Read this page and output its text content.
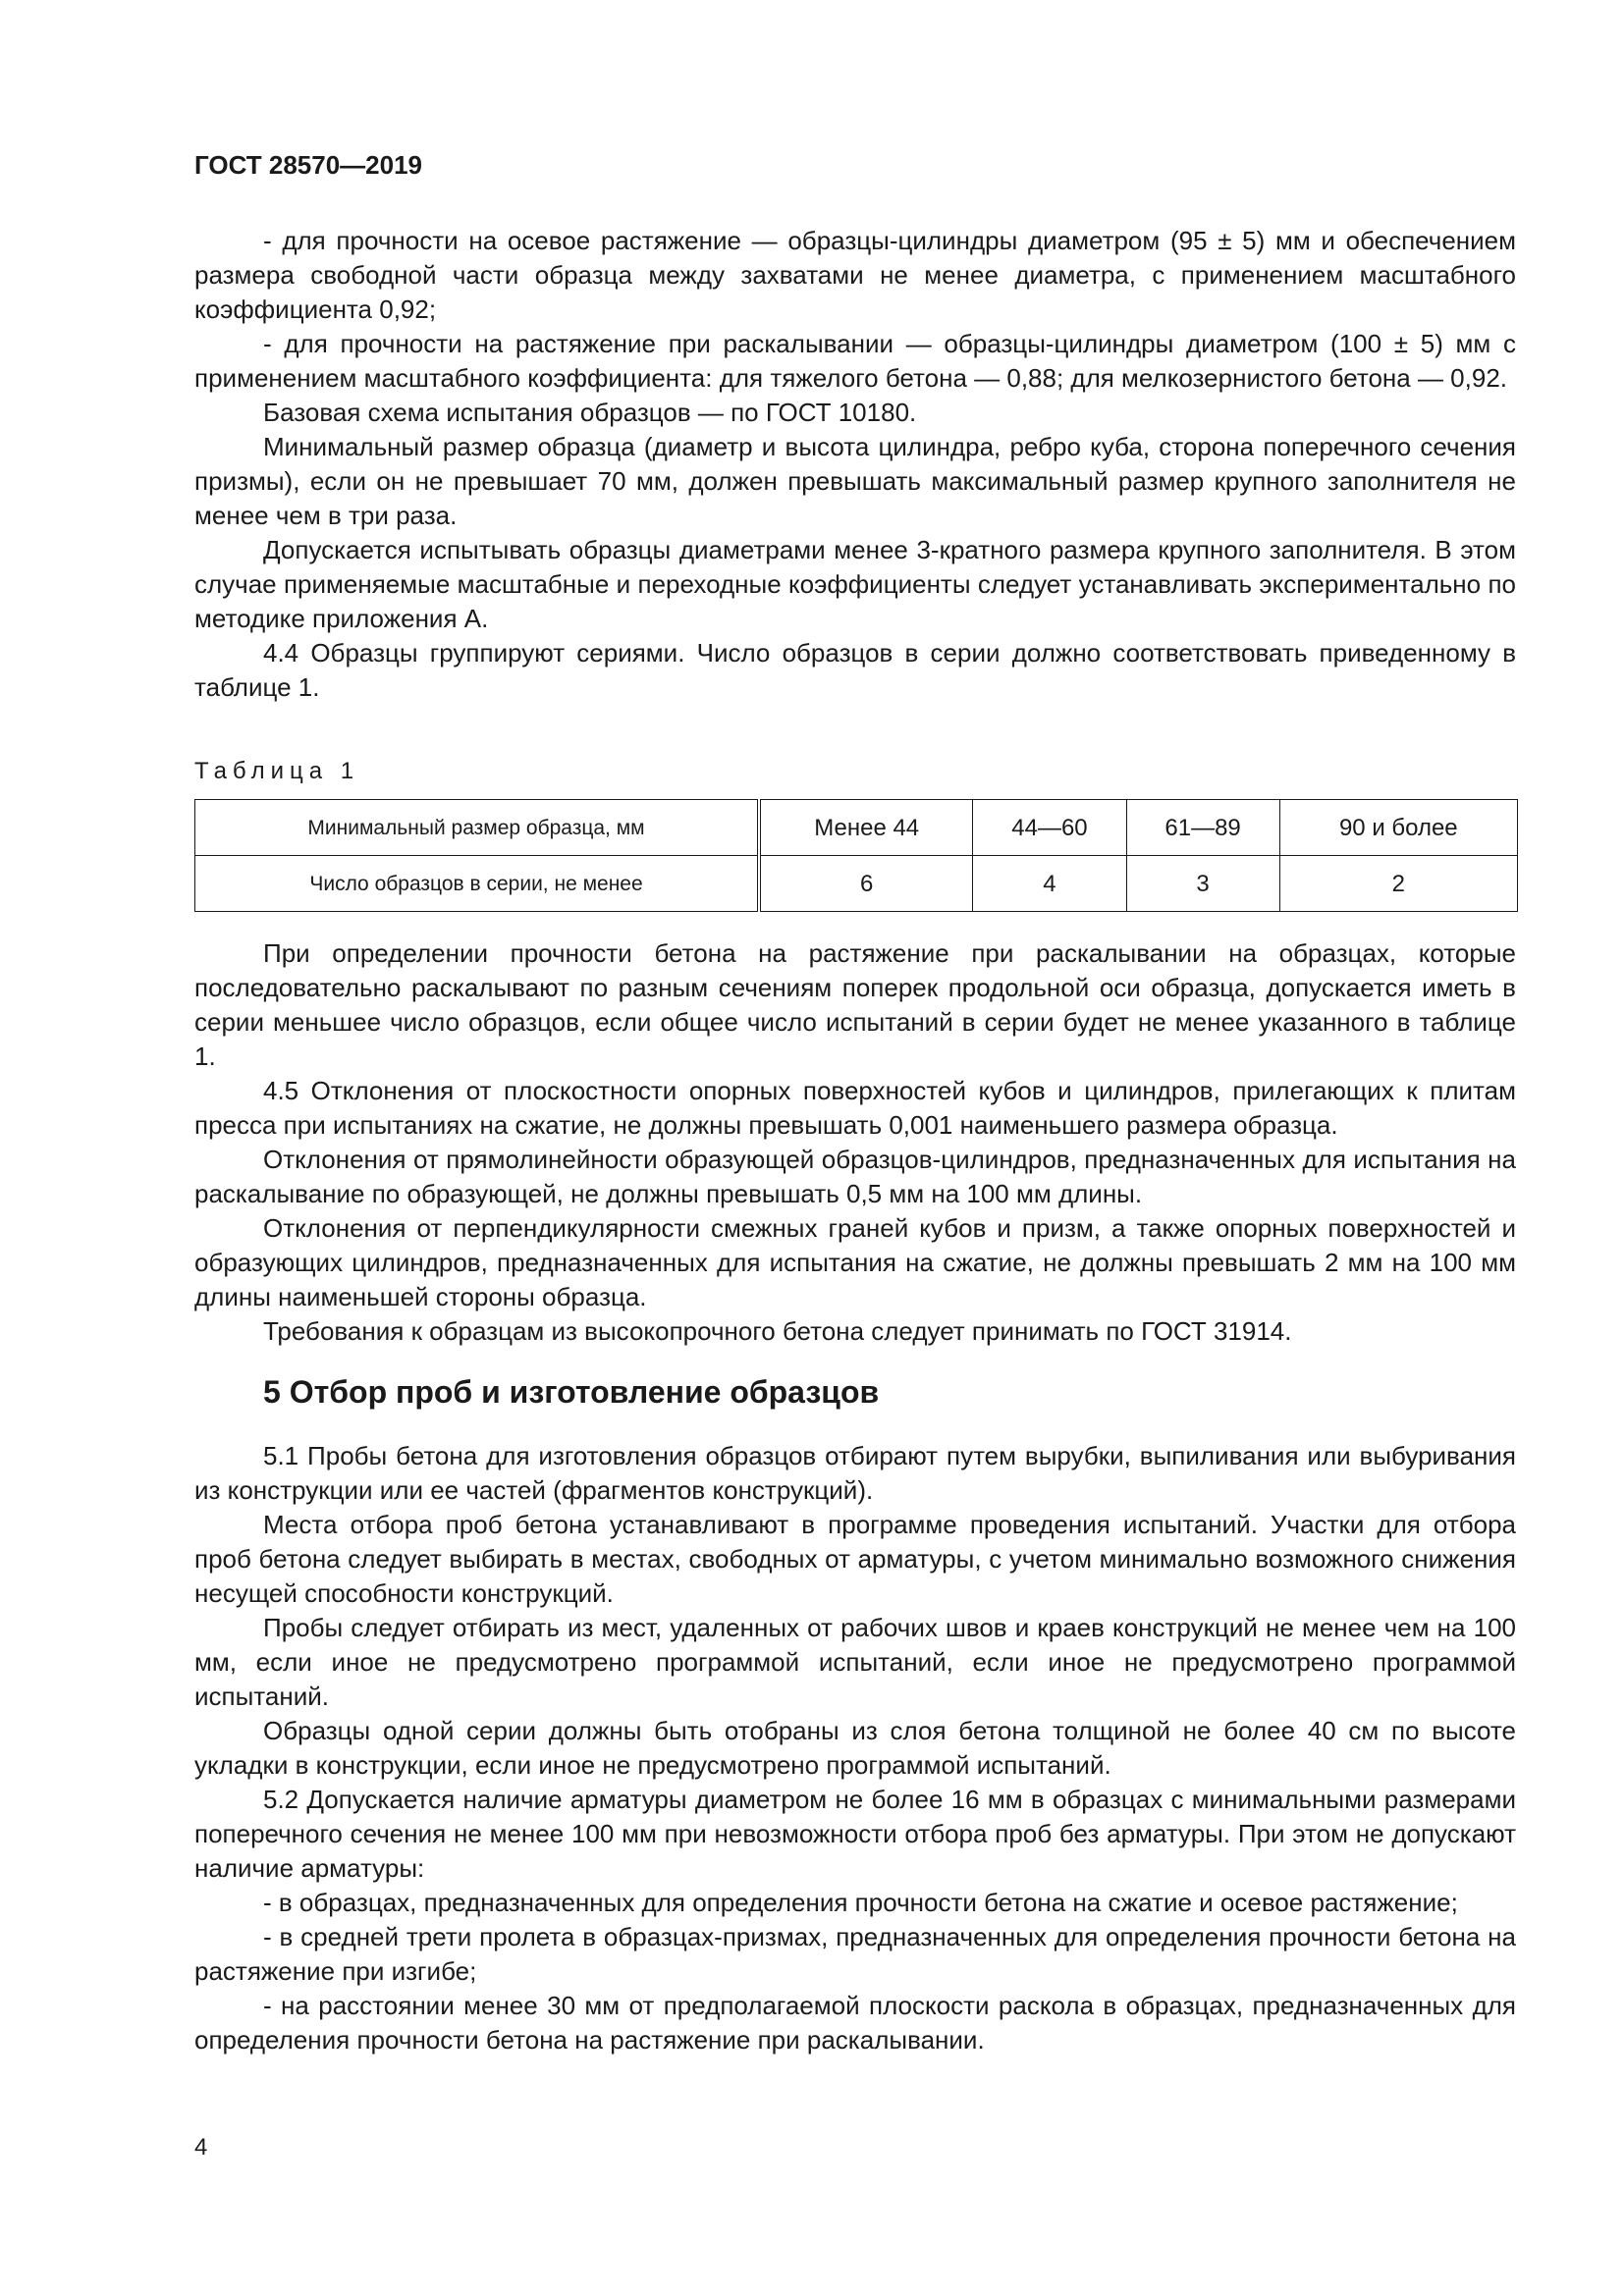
ГОСТ 28570—2019

- для прочности на осевое растяжение — образцы-цилиндры диаметром (95 ± 5) мм и обеспечением размера свободной части образца между захватами не менее диаметра, с применением масштабного коэффициента 0,92;

- для прочности на растяжение при раскалывании — образцы-цилиндры диаметром (100 ± 5) мм с применением масштабного коэффициента: для тяжелого бетона — 0,88; для мелкозернистого бетона — 0,92.

Базовая схема испытания образцов — по ГОСТ 10180.

Минимальный размер образца (диаметр и высота цилиндра, ребро куба, сторона поперечного сечения призмы), если он не превышает 70 мм, должен превышать максимальный размер крупного заполнителя не менее чем в три раза.

Допускается испытывать образцы диаметрами менее 3-кратного размера крупного заполнителя. В этом случае применяемые масштабные и переходные коэффициенты следует устанавливать экспериментально по методике приложения А.

4.4 Образцы группируют сериями. Число образцов в серии должно соответствовать приведенному в таблице 1.

Таблица 1
Минимальный размер образца, мм	Менее 44	44—60	61—89	90 и более
Число образцов в серии, не менее	6	4	3	2

При определении прочности бетона на растяжение при раскалывании на образцах, которые последовательно раскалывают по разным сечениям поперек продольной оси образца, допускается иметь в серии меньшее число образцов, если общее число испытаний в серии будет не менее указанного в таблице 1.

4.5 Отклонения от плоскостности опорных поверхностей кубов и цилиндров, прилегающих к плитам пресса при испытаниях на сжатие, не должны превышать 0,001 наименьшего размера образца.

Отклонения от прямолинейности образующей образцов-цилиндров, предназначенных для испытания на раскалывание по образующей, не должны превышать 0,5 мм на 100 мм длины.

Отклонения от перпендикулярности смежных граней кубов и призм, а также опорных поверхностей и образующих цилиндров, предназначенных для испытания на сжатие, не должны превышать 2 мм на 100 мм длины наименьшей стороны образца.

Требования к образцам из высокопрочного бетона следует принимать по ГОСТ 31914.

5 Отбор проб и изготовление образцов

5.1 Пробы бетона для изготовления образцов отбирают путем вырубки, выпиливания или выбуривания из конструкции или ее частей (фрагментов конструкций).

Места отбора проб бетона устанавливают в программе проведения испытаний. Участки для отбора проб бетона следует выбирать в местах, свободных от арматуры, с учетом минимально возможного снижения несущей способности конструкций.

Пробы следует отбирать из мест, удаленных от рабочих швов и краев конструкций не менее чем на 100 мм, если иное не предусмотрено программой испытаний, если иное не предусмотрено программой испытаний.

Образцы одной серии должны быть отобраны из слоя бетона толщиной не более 40 см по высоте укладки в конструкции, если иное не предусмотрено программой испытаний.

5.2 Допускается наличие арматуры диаметром не более 16 мм в образцах с минимальными размерами поперечного сечения не менее 100 мм при невозможности отбора проб без арматуры. При этом не допускают наличие арматуры:

- в образцах, предназначенных для определения прочности бетона на сжатие и осевое растяжение;

- в средней трети пролета в образцах-призмах, предназначенных для определения прочности бетона на растяжение при изгибе;

- на расстоянии менее 30 мм от предполагаемой плоскости раскола в образцах, предназначенных для определения прочности бетона на растяжение при раскалывании.

4
